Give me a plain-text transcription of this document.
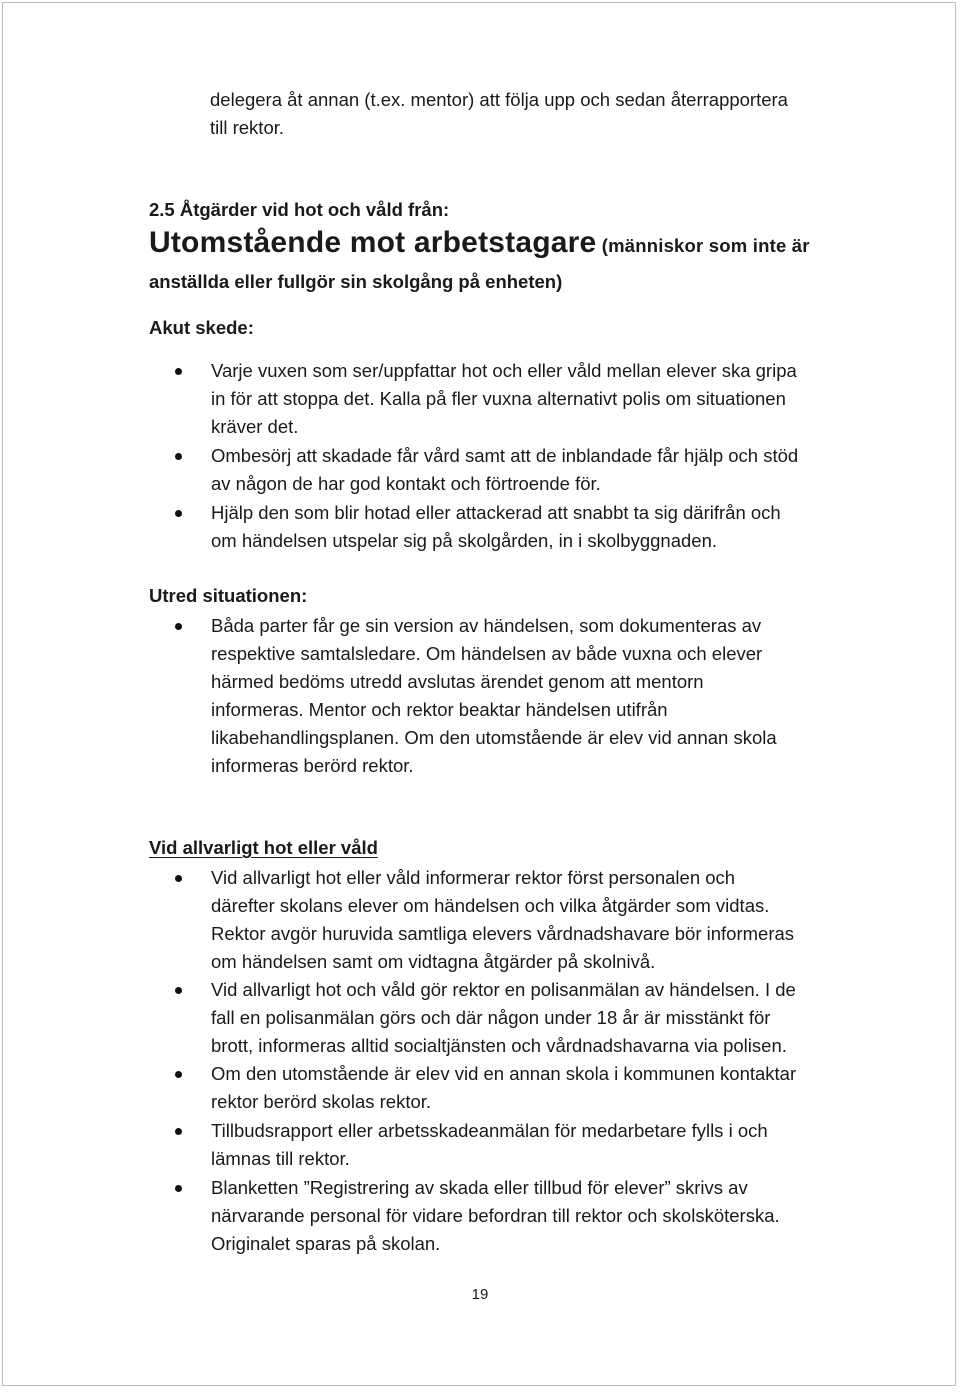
delegera åt annan (t.ex. mentor) att följa upp och sedan återrapportera
till rektor.
2.5 Åtgärder vid hot och våld från:
Utomstående mot arbetstagare (människor som inte är
anställda eller fullgör sin skolgång på enheten)
Akut skede:
Varje vuxen som ser/uppfattar hot och eller våld mellan elever ska gripa
in för att stoppa det. Kalla på fler vuxna alternativt polis om situationen
kräver det.
Ombesörj att skadade får vård samt att de inblandade får hjälp och stöd
av någon de har god kontakt och förtroende för.
Hjälp den som blir hotad eller attackerad att snabbt ta sig därifrån och
om händelsen utspelar sig på skolgården, in i skolbyggnaden.
Utred situationen:
Båda parter får ge sin version av händelsen, som dokumenteras av
respektive samtalsledare. Om händelsen av både vuxna och elever
härmed bedöms utredd avslutas ärendet genom att mentorn
informeras. Mentor och rektor beaktar händelsen utifrån
likabehandlingsplanen. Om den utomstående är elev vid annan skola
informeras berörd rektor.
Vid allvarligt hot eller våld
Vid allvarligt hot eller våld informerar rektor först personalen och
därefter skolans elever om händelsen och vilka åtgärder som vidtas.
Rektor avgör huruvida samtliga elevers vårdnadshavare bör informeras
om händelsen samt om vidtagna åtgärder på skolnivå.
Vid allvarligt hot och våld gör rektor en polisanmälan av händelsen. I de
fall en polisanmälan görs och där någon under 18 år är misstänkt för
brott, informeras alltid socialtjänsten och vårdnadshavarna via polisen.
Om den utomstående är elev vid en annan skola i kommunen kontaktar
rektor berörd skolas rektor.
Tillbudsrapport eller arbetsskadeanmälan för medarbetare fylls i och
lämnas till rektor.
Blanketten ”Registrering av skada eller tillbud för elever” skrivs av
närvarande personal för vidare befordran till rektor och skolsköterska.
Originalet sparas på skolan.
19
